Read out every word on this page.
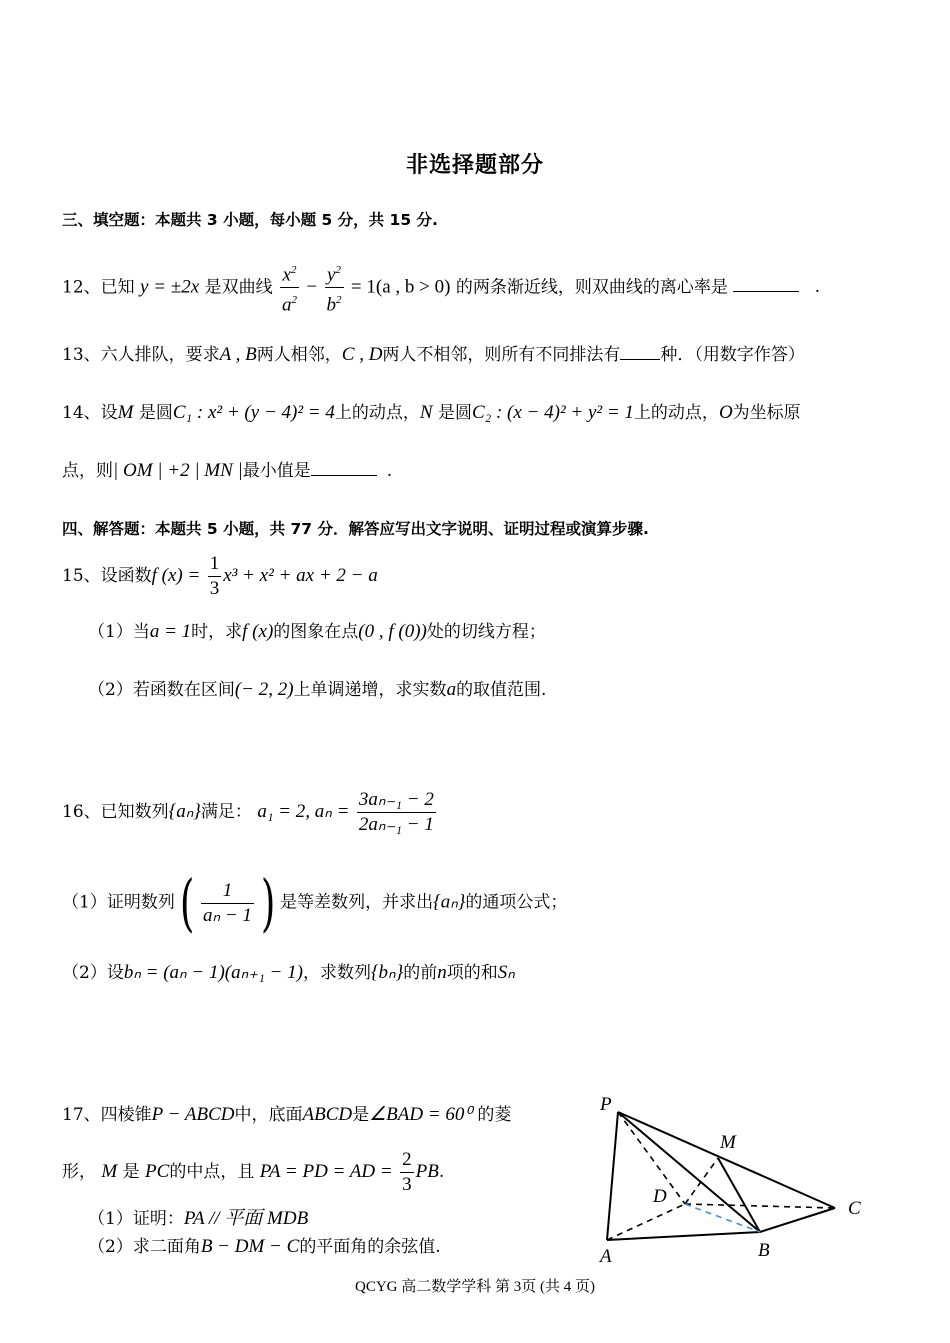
非选择题部分
三、填空题：本题共 3 小题，每小题 5 分，共 15 分.
12、已知 y = ±2x 是双曲线 $\frac{x^2}{a^2} - \frac{y^2}{b^2} = 1(a$ , b > 0) 的两条渐近线，则双曲线的离心率是	.
13、六人排队，要求A , B两人相邻，C , D两人不相邻，则所有不同排法有 种．（用数字作答）
14、设M 是圆C₁ : x² + (y − 4)² = 4上的动点，N 是圆C₂ : (x − 4)² + y² = 1上的动点，O为坐标原
点，则| OM | +2 | MN |最小值是	.
四、解答题：本题共 5 小题，共 77 分．解答应写出文字说明、证明过程或演算步骤.
15、设函数f $(x) = \frac{1}{3} x^3 + x^2$ + ax + 2 − a
（1）当a = 1时，求f (x)的图象在点(0 , f (0))处的切线方程；
（2）若函数在区间(− 2, 2)上单调递增，求实数a的取值范围.
16、已知数列{aₙ}满足： a₁ = 2, $a_n = \frac{\text{3aₙ₋₁ − 2}}{\text{2aₙ₋₁ − 1}}$
（1）证明数列( $\frac{1}{\text{aₙ − 1}}$ ) 是等差数列，并求出{aₙ}的通项公式；
（2）设bₙ = (aₙ − 1)(aₙ₊₁ − 1)，求数列{bₙ}的前n项的和Sₙ
17、四棱锥P − ABCD中，底面ABCD是∠BAD = 60⁰ 的菱
形， M 是 PC的中点，且 PA = PD = AD = $\frac{2}{3}$ PB.
（1）证明：PA // 平面 MDB
（2）求二面角B − DM − C的平面角的余弦值.
P
M
D
C
A	B
QCYG 高二数学学科 第 3页 (共 4 页)
